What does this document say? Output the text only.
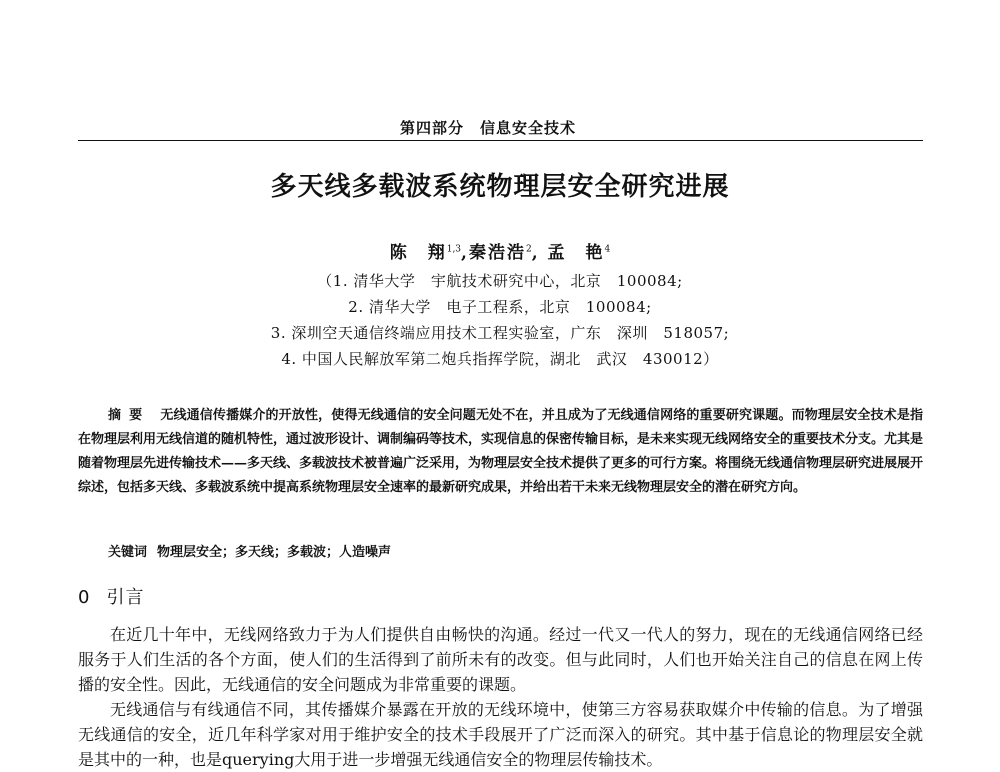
第四部分　信息安全技术
多天线多载波系统物理层安全研究进展
陈　翔$^{1,3}$,秦浩浩$^2$, 孟　艳$^4$
（1. 清华大学　宇航技术研究中心，北京　100084;
2. 清华大学　电子工程系，北京　100084;
3. 深圳空天通信终端应用技术工程实验室，广东　深圳　518057;
4. 中国人民解放军第二炮兵指挥学院，湖北　武汉　430012）
摘要 无线通信传播媒介的开放性，使得无线通信的安全问题无处不在，并且成为了无线通信网络的重要研究课题。而物理层安全技术是指在物理层利用无线信道的随机特性，通过波形设计、调制编码等技术，实现信息的保密传输目标，是未来实现无线网络安全的重要技术分支。尤其是随着物理层先进传输技术——多天线、多载波技术被普遍广泛采用，为物理层安全技术提供了更多的可行方案。将围绕无线通信物理层研究进展展开综述，包括多天线、多载波系统中提高系统物理层安全速率的最新研究成果，并给出若干未来无线物理层安全的潜在研究方向。
关键词 物理层安全；多天线；多载波；人造噪声
0 引言

在近几十年中，无线网络致力于为人们提供自由畅快的沟通。经过一代又一代人的努力，现在的无线通信网络已经服务于人们生活的各个方面，使人们的生活得到了前所未有的改变。但与此同时，人们也开始关注自己的信息在网上传播的安全性。因此，无线通信的安全问题成为非常重要的课题。

无线通信与有线通信不同，其传播媒介暴露在开放的无线环境中，使第三方容易获取媒介中传输的信息。为了增强无线通信的安全，近几年科学家对用于维护安全的技术手段展开了广泛而深入的研究。其中基于信息论的物理层安全就是其中的一种，也是querying大用于进一步增强无线通信安全的物理层传输技术。
